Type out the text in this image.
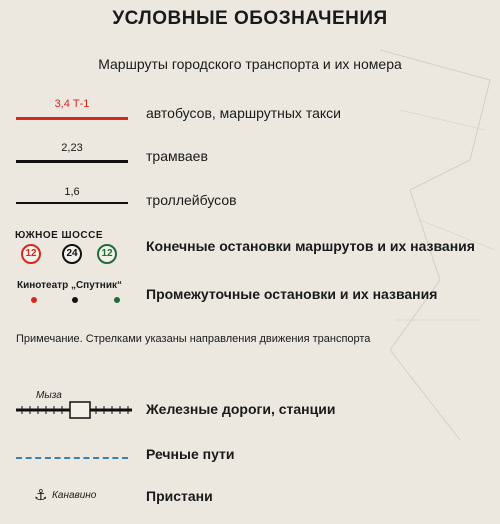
УСЛОВНЫЕ ОБОЗНАЧЕНИЯ
Маршруты городского транспорта и их номера
3,4 Т-1
автобусов, маршрутных такси
2,23	трамваев
1,6	троллейбусов
ЮЖНОЕ ШОССЕ
12	24	12	Конечные остановки маршрутов и их названия
Кинотеатр „Спутник“
Промежуточные остановки и их названия
Примечание. Стрелками указаны направления движения транспорта
Мыза
Железные дороги, станции
Речные пути
⚓ Канавино	Пристани
